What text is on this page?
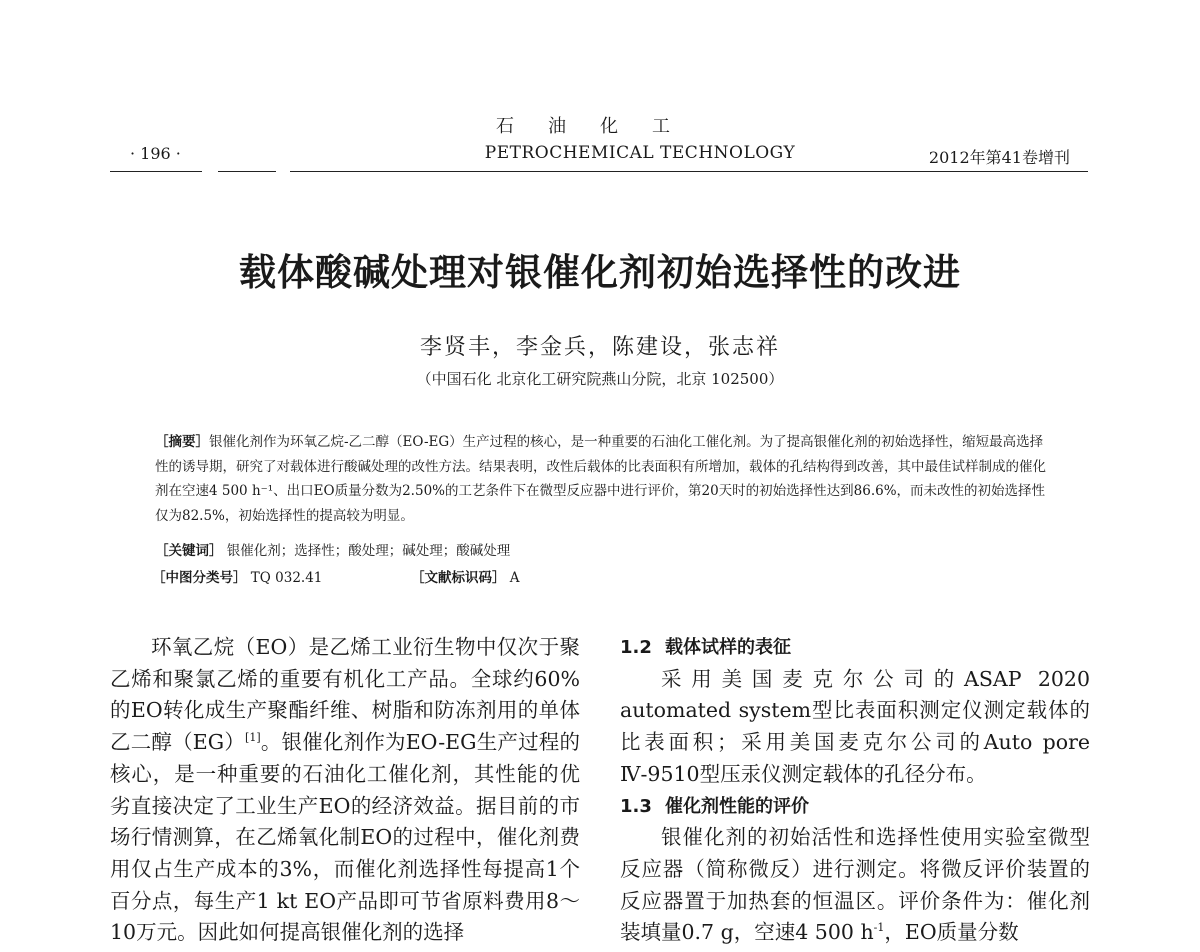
石油化工
· 196 ·	PETROCHEMICAL TECHNOLOGY	2012年第41卷增刊
载体酸碱处理对银催化剂初始选择性的改进
李贤丰，李金兵，陈建设，张志祥
（中国石化 北京化工研究院燕山分院，北京 102500）
［摘要］银催化剂作为环氧乙烷-乙二醇（EO-EG）生产过程的核心，是一种重要的石油化工催化剂。为了提高银催化剂的初始选择性，缩短最高选择性的诱导期，研究了对载体进行酸碱处理的改性方法。结果表明，改性后载体的比表面积有所增加，载体的孔结构得到改善，其中最佳试样制成的催化剂在空速4 500 h⁻¹、出口EO质量分数为2.50%的工艺条件下在微型反应器中进行评价，第20天时的初始选择性达到86.6%，而未改性的初始选择性仅为82.5%，初始选择性的提高较为明显。
［关键词］ 银催化剂；选择性；酸处理；碱处理；酸碱处理
［中图分类号］ TQ 032.41	［文献标识码］ A

环氧乙烷（EO）是乙烯工业衍生物中仅次于聚乙烯和聚氯乙烯的重要有机化工产品。全球约60%的EO转化成生产聚酯纤维、树脂和防冻剂用的单体乙二醇（EG）[1]。银催化剂作为EO-EG生产过程的核心，是一种重要的石油化工催化剂，其性能的优劣直接决定了工业生产EO的经济效益。据目前的市场行情测算，在乙烯氧化制EO的过程中，催化剂费用仅占生产成本的3%，而催化剂选择性每提高1个百分点，每生产1 kt EO产品即可节省原料费用8～10万元。因此如何提高银催化剂的选择

1.2 载体试样的表征

采用美国麦克尔公司的ASAP 2020 automated system型比表面积测定仪测定载体的比表面积；采用美国麦克尔公司的Auto pore Ⅳ-9510型压汞仪测定载体的孔径分布。

1.3 催化剂性能的评价

银催化剂的初始活性和选择性使用实验室微型反应器（简称微反）进行测定。将微反评价装置的反应器置于加热套的恒温区。评价条件为：催化剂装填量0.7 g，空速4 500 $h^{-1}$，EO质量分数
